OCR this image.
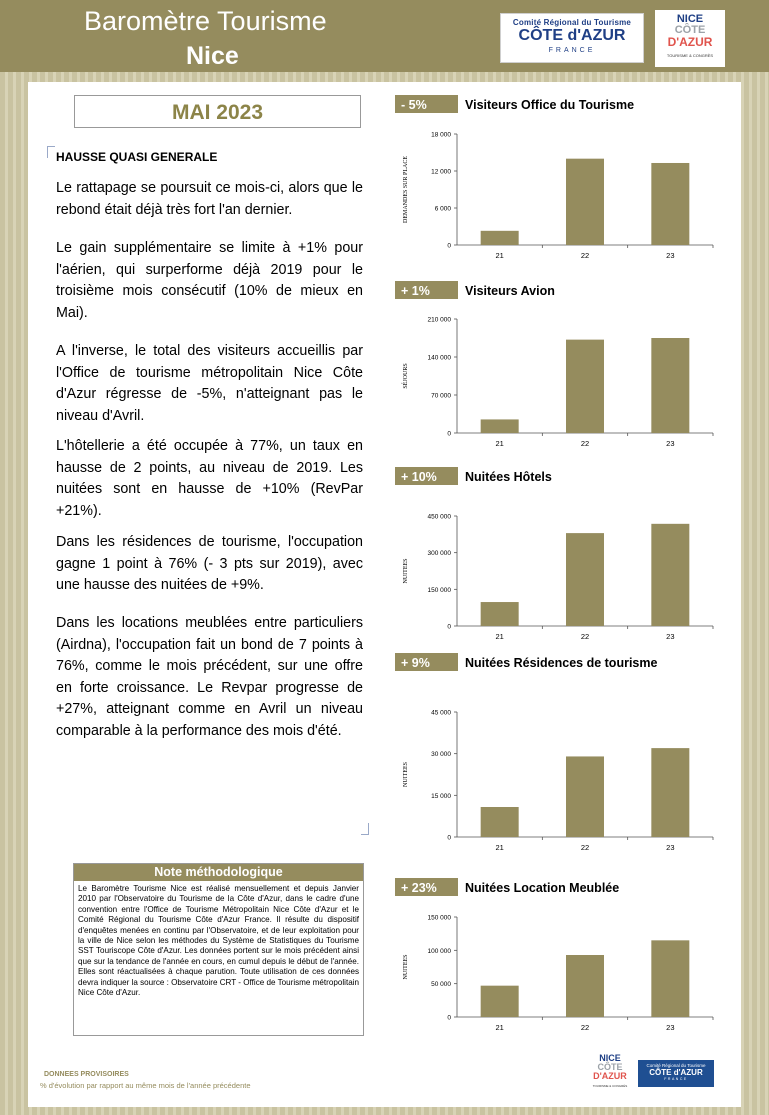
Baromètre Tourisme
Nice
Comité Régional du Tourisme
CÔTE d'AZUR
FRANCE
NICE
CÔTE
D'AZUR
TOURISME & CONGRÈS
MAI 2023
HAUSSE QUASI GENERALE

Le rattapage se poursuit ce mois-ci, alors que le rebond était déjà très fort l'an dernier.

Le gain supplémentaire se limite à +1% pour l'aérien, qui surperforme déjà 2019 pour le troisième mois consécutif (10% de mieux en Mai).

A l'inverse, le total des visiteurs accueillis par l'Office de tourisme métropolitain Nice Côte d'Azur régresse de -5%, n'atteignant pas le niveau d'Avril.

L'hôtellerie a été occupée à 77%, un taux en hausse de 2 points, au niveau de 2019. Les nuitées sont en hausse de +10% (RevPar +21%).

Dans les résidences de tourisme, l'occupation gagne 1 point à 76% (- 3 pts sur 2019), avec une hausse des nuitées de +9%.

Dans les locations meublées entre particuliers (Airdna), l'occupation fait un bond de 7 points à 76%, comme le mois précédent, sur une offre en forte croissance. Le Revpar progresse de +27%, atteignant comme en Avril un niveau comparable à la performance des mois d'été.

Note méthodologique
Le Baromètre Tourisme Nice est réalisé mensuellement et depuis Janvier 2010 par l'Observatoire du Tourisme de la Côte d'Azur, dans le cadre d'une convention entre l'Office de Tourisme Métropolitain Nice Côte d'Azur et le Comité Régional du Tourisme Côte d'Azur France. Il résulte du dispositif d'enquêtes menées en continu par l'Observatoire, et de leur exploitation pour la ville de Nice selon les méthodes du Système de Statistiques du Tourisme SST Touriscope Côte d'Azur. Les données portent sur le mois précédent ainsi que sur la tendance de l'année en cours, en cumul depuis le début de l'année. Elles sont réactualisées à chaque parution. Toute utilisation de ces données devra indiquer la source : Observatoire CRT - Office de Tourisme métropolitain Nice Côte d'Azur.
DONNEES PROVISOIRES
% d'évolution par rapport au même mois de l'année précédente
NICE
CÔTE
D'AZUR
TOURISME & CONGRÈS
Comité Régional du Tourisme
CÔTE d'AZUR
FRANCE
- 5%	Visiteurs Office du Tourisme
0
6 000
12 000
18 000
DEMANDES SUR PLACE
21	22	23
+ 1%	Visiteurs Avion
0
70 000
140 000
210 000
SÉJOURS
21	22	23
+ 10% Nuitées Hôtels
0
150 000
300 000
450 000
NUITEES
21	22	23
+ 9%	Nuitées Résidences de tourisme
0
15 000
30 000
45 000
NUITEES
21	22	23
+ 23% Nuitées Location Meublée
0
50 000
100 000
150 000
NUITEES
21	22	23
